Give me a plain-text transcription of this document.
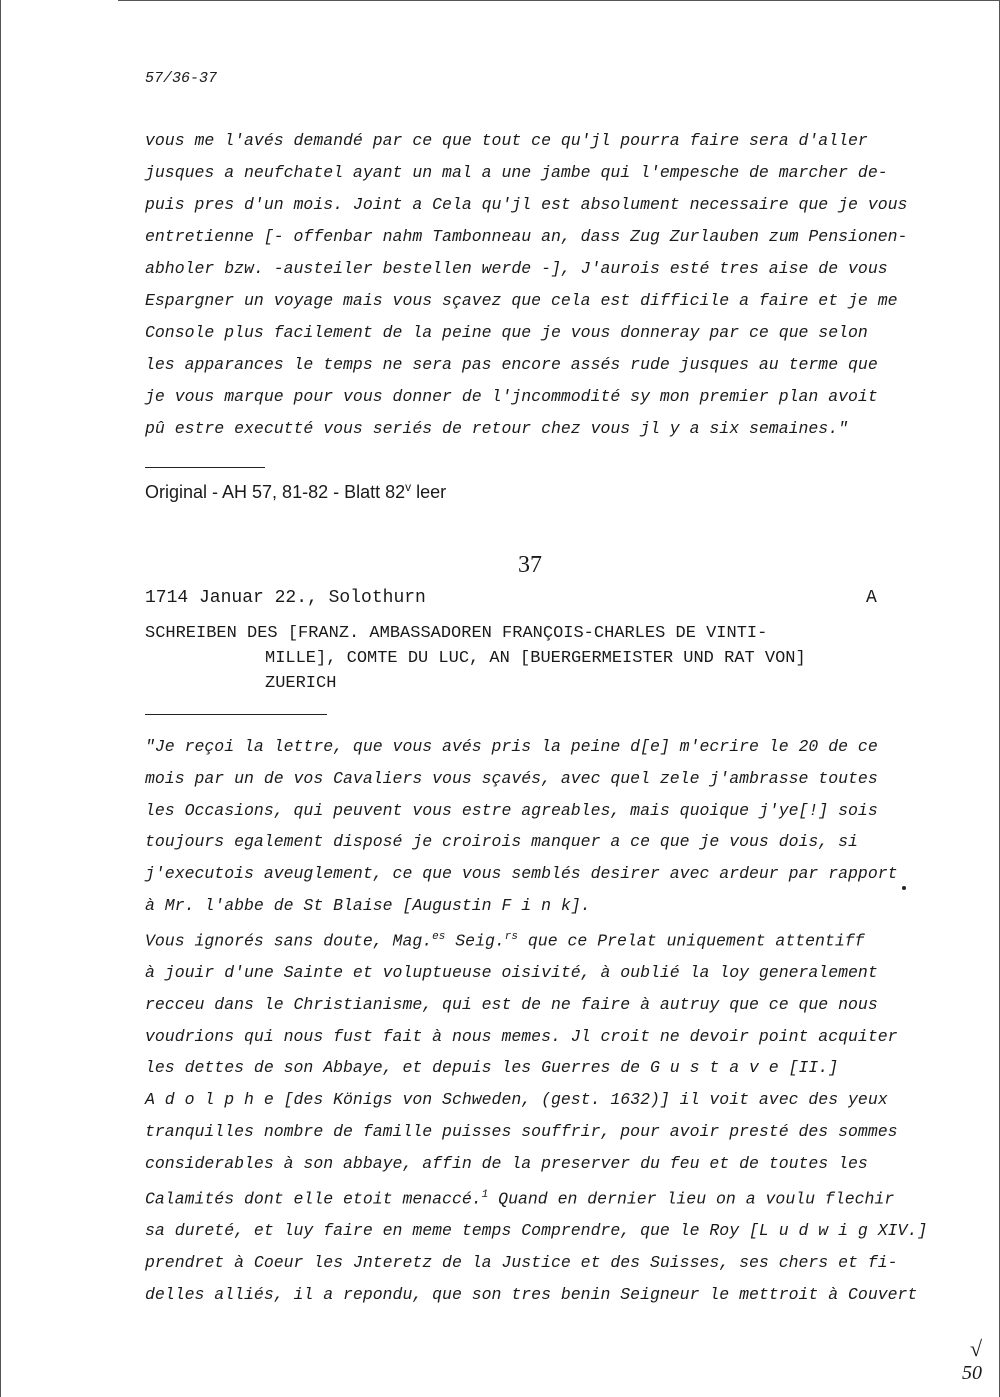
57/36-37
vous me l'avés demandé par ce que tout ce qu'jl pourra faire sera d'aller
jusques a neufchatel ayant un mal a une jambe qui l'empesche de marcher de-
puis pres d'un mois. Joint a Cela qu'jl est absolument necessaire que je vous
entretienne [- offenbar nahm Tambonneau an, dass Zug Zurlauben zum Pensionen-
abholer bzw. -austeiler bestellen werde -], J'aurois esté tres aise de vous
Espargner un voyage mais vous sçavez que cela est difficile a faire et je me
Console plus facilement de la peine que je vous donneray par ce que selon
les apparances le temps ne sera pas encore assés rude jusques au terme que
je vous marque pour vous donner de l'jncommodité sy mon premier plan avoit
pû estre executté vous seriés de retour chez vous jl y a six semaines."
Original - AH 57, 81-82 - Blatt 82$^v$ leer
37
1714 Januar 22., Solothurn	A
SCHREIBEN DES [FRANZ. AMBASSADOREN FRANÇOIS-CHARLES DE VINTI-
MILLE], COMTE DU LUC, AN [BUERGERMEISTER UND RAT VON]
ZUERICH
"Je reçoi la lettre, que vous avés pris la peine d[e] m'ecrire le 20 de ce
mois par un de vos Cavaliers vous sçavés, avec quel zele j'ambrasse toutes
les Occasions, qui peuvent vous estre agreables, mais quoique j'ye[!] sois
toujours egalement disposé je croirois manquer a ce que je vous dois, si
j'executois aveuglement, ce que vous semblés desirer avec ardeur par rapport
à Mr. l'abbe de St Blaise [Augustin F i n k].
Vous ignorés sans doute, Mag.$^{es}$ Seig.$^{rs}$ que ce Prelat uniquement attentiff
à jouir d'une Sainte et voluptueuse oisivité, à oublié la loy generalement
recceu dans le Christianisme, qui est de ne faire à autruy que ce que nous
voudrions qui nous fust fait à nous memes. Jl croit ne devoir point acquiter
les dettes de son Abbaye, et depuis les Guerres de G u s t a v e [II.]
A d o l p h e [des Königs von Schweden, (gest. 1632)] il voit avec des yeux
tranquilles nombre de famille puisses souffrir, pour avoir presté des sommes
considerables à son abbaye, affin de la preserver du feu et de toutes les
Calamités dont elle etoit menaccé.$^1$ Quand en dernier lieu on a voulu flechir
sa dureté, et luy faire en meme temps Comprendre, que le Roy [L u d w i g XIV.]
prendret à Coeur les Jnteretz de la Justice et des Suisses, ses chers et fi-
delles alliés, il a repondu, que son tres benin Seigneur le mettroit à Couvert
√
50
